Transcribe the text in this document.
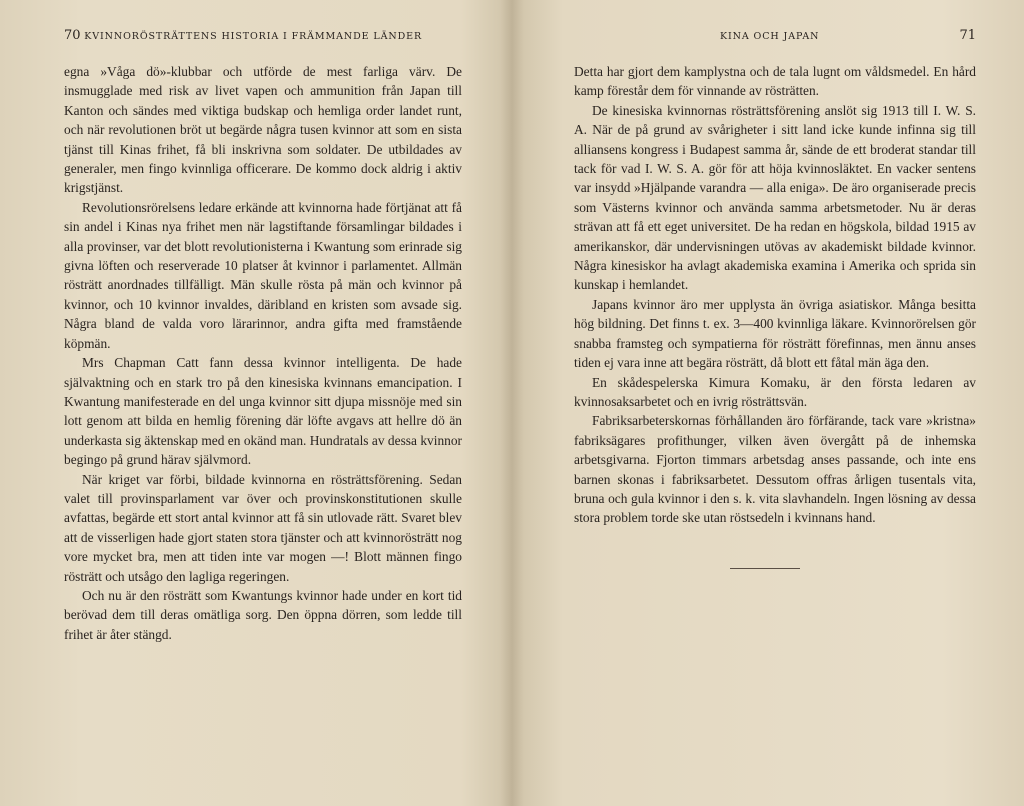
70 KVINNORÖSTRÄTTENS HISTORIA I FRÄMMANDE LÄNDER

egna »Våga dö»-klubbar och utförde de mest farliga värv. De insmugglade med risk av livet vapen och ammunition från Japan till Kanton och sändes med viktiga budskap och hemliga order landet runt, och när revolutionen bröt ut begärde några tusen kvinnor att som en sista tjänst till Kinas frihet, få bli inskrivna som soldater. De utbildades av generaler, men fingo kvinnliga officerare. De kommo dock aldrig i aktiv krigstjänst.

Revolutionsrörelsens ledare erkände att kvinnorna hade förtjänat att få sin andel i Kinas nya frihet men när lagstiftande församlingar bildades i alla provinser, var det blott revolutionisterna i Kwantung som erinrade sig givna löften och reserverade 10 platser åt kvinnor i parlamentet. Allmän rösträtt anordnades tillfälligt. Män skulle rösta på män och kvinnor på kvinnor, och 10 kvinnor invaldes, däribland en kristen som avsade sig. Några bland de valda voro lärarinnor, andra gifta med framstående köpmän.

Mrs Chapman Catt fann dessa kvinnor intelligenta. De hade självaktning och en stark tro på den kinesiska kvinnans emancipation. I Kwantung manifesterade en del unga kvinnor sitt djupa missnöje med sin lott genom att bilda en hemlig förening där löfte avgavs att hellre dö än underkasta sig äktenskap med en okänd man. Hundratals av dessa kvinnor begingo på grund härav självmord.

När kriget var förbi, bildade kvinnorna en rösträttsförening. Sedan valet till provinsparlament var över och provinskonstitutionen skulle avfattas, begärde ett stort antal kvinnor att få sin utlovade rätt. Svaret blev att de visserligen hade gjort staten stora tjänster och att kvinnorösträtt nog vore mycket bra, men att tiden inte var mogen —! Blott männen fingo rösträtt och utsågo den lagliga regeringen.

Och nu är den rösträtt som Kwantungs kvinnor hade under en kort tid berövad dem till deras omätliga sorg. Den öppna dörren, som ledde till frihet är åter stängd.

KINA OCH JAPAN	71

Detta har gjort dem kamplystna och de tala lugnt om våldsmedel. En hård kamp förestår dem för vinnande av rösträtten.

De kinesiska kvinnornas rösträttsförening anslöt sig 1913 till I. W. S. A. När de på grund av svårigheter i sitt land icke kunde infinna sig till alliansens kongress i Budapest samma år, sände de ett broderat standar till tack för vad I. W. S. A. gör för att höja kvinnosläktet. En vacker sentens var insydd »Hjälpande varandra — alla eniga». De äro organiserade precis som Västerns kvinnor och använda samma arbetsmetoder. Nu är deras strävan att få ett eget universitet. De ha redan en högskola, bildad 1915 av amerikanskor, där undervisningen utövas av akademiskt bildade kvinnor. Några kinesiskor ha avlagt akademiska examina i Amerika och sprida sin kunskap i hemlandet.

Japans kvinnor äro mer upplysta än övriga asiatiskor. Många besitta hög bildning. Det finns t. ex. 3—400 kvinnliga läkare. Kvinnorörelsen gör snabba framsteg och sympatierna för rösträtt förefinnas, men ännu anses tiden ej vara inne att begära rösträtt, då blott ett fåtal män äga den.

En skådespelerska Kimura Komaku, är den första ledaren av kvinnosaksarbetet och en ivrig rösträttsvän.

Fabriksarbeterskornas förhållanden äro förfärande, tack vare »kristna» fabriksägares profithunger, vilken även övergått på de inhemska arbetsgivarna. Fjorton timmars arbetsdag anses passande, och inte ens barnen skonas i fabriksarbetet. Dessutom offras årligen tusentals vita, bruna och gula kvinnor i den s. k. vita slavhandeln. Ingen lösning av dessa stora problem torde ske utan röstsedeln i kvinnans hand.
